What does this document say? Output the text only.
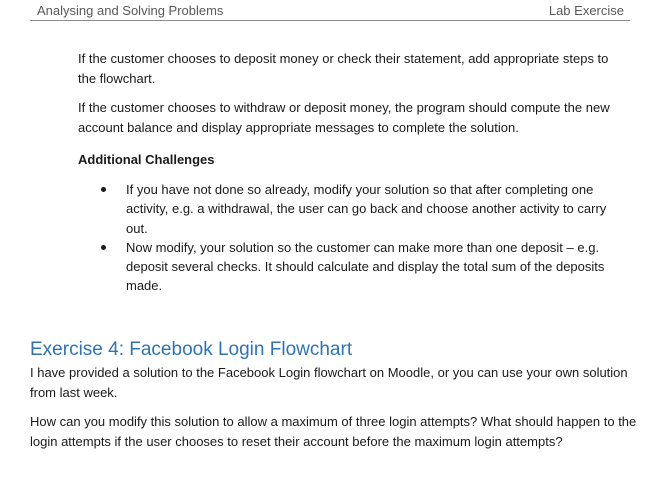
Analysing and Solving Problems	Lab Exercise

If the customer chooses to deposit money or check their statement, add appropriate steps to the flowchart.

If the customer chooses to withdraw or deposit money, the program should compute the new account balance and display appropriate messages to complete the solution.

Additional Challenges

If you have not done so already, modify your solution so that after completing one activity, e.g. a withdrawal, the user can go back and choose another activity to carry out.
Now modify, your solution so the customer can make more than one deposit – e.g. deposit several checks. It should calculate and display the total sum of the deposits made.
Exercise 4: Facebook Login Flowchart

I have provided a solution to the Facebook Login flowchart on Moodle, or you can use your own solution from last week.

How can you modify this solution to allow a maximum of three login attempts? What should happen to the login attempts if the user chooses to reset their account before the maximum login attempts?
